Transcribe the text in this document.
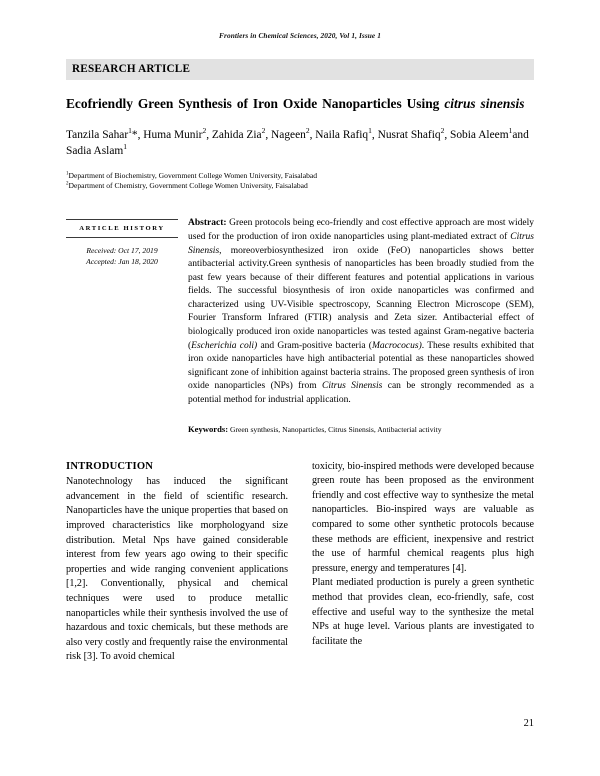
Frontiers in Chemical Sciences, 2020, Vol 1, Issue 1
RESEARCH ARTICLE
Ecofriendly Green Synthesis of Iron Oxide Nanoparticles Using citrus sinensis
Tanzila Sahar$^1$*, Huma Munir$^2$, Zahida Zia$^2$, Nageen$^2$, Naila Rafiq$^1$, Nusrat Shafiq$^2$, Sobia Aleem$^1$and Sadia Aslam$^1$
$^1$Department of Biochemistry, Government College Women University, Faisalabad
$^2$Department of Chemistry, Government College Women University, Faisalabad
ARTICLE HISTORY
Received: Oct 17, 2019
Accepted: Jan 18, 2020
Abstract: Green protocols being eco-friendly and cost effective approach are most widely used for the production of iron oxide nanoparticles using plant-mediated extract of Citrus Sinensis, moreoverbiosynthesized iron oxide (FeO) nanoparticles shows better antibacterial activity.Green synthesis of nanoparticles has been broadly studied from the past few years because of their different features and potential applications in various fields. The successful biosynthesis of iron oxide nanoparticles was confirmed and characterized using UV-Visible spectroscopy, Scanning Electron Microscope (SEM), Fourier Transform Infrared (FTIR) analysis and Zeta sizer. Antibacterial effect of biologically produced iron oxide nanoparticles was tested against Gram-negative bacteria (Escherichia coli) and Gram-positive bacteria (Macrococus). These results exhibited that iron oxide nanoparticles have high antibacterial potential as these nanoparticles showed significant zone of inhibition against bacteria strains. The proposed green synthesis of iron oxide nanoparticles (NPs) from Citrus Sinensis can be strongly recommended as a potential method for industrial application.
Keywords: Green synthesis, Nanoparticles, Citrus Sinensis, Antibacterial activity
INTRODUCTION

Nanotechnology has induced the significant advancement in the field of scientific research. Nanoparticles have the unique properties that based on improved characteristics like morphologyand size distribution. Metal Nps have gained considerable interest from few years ago owing to their specific properties and wide ranging convenient applications [1,2]. Conventionally, physical and chemical techniques were used to produce metallic nanoparticles while their synthesis involved the use of hazardous and toxic chemicals, but these methods are also very costly and frequently raise the environmental risk [3]. To avoid chemical

toxicity, bio-inspired methods were developed because green route has been proposed as the environment friendly and cost effective way to synthesize the metal nanoparticles. Bio-inspired ways are valuable as compared to some other synthetic protocols because these methods are efficient, inexpensive and restrict the use of harmful chemical reagents plus high pressure, energy and temperatures [4].

Plant mediated production is purely a green synthetic method that provides clean, eco-friendly, safe, cost effective and useful way to the synthesize the metal NPs at huge level. Various plants are investigated to facilitate the

21
